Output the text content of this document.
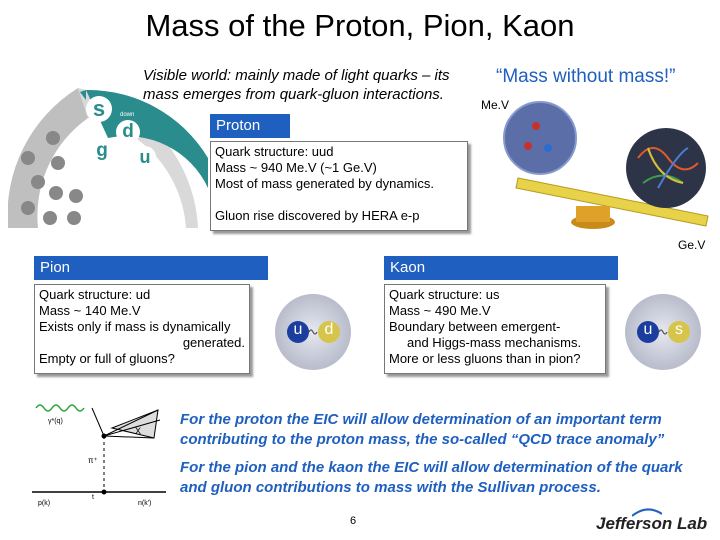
Mass of the Proton, Pion, Kaon
s
strange
d
down
g
gluon
u
up
Visible world: mainly made of light quarks – its mass emerges from quark-gluon interactions.
“Mass without mass!”
Me.V
Ge.V
Proton
Quark structure: uud
Mass ~ 940 Me.V (~1 Ge.V)
Most of mass generated by dynamics.
Gluon rise discovered by HERA e-p
Pion
Quark structure: ud
Mass ~ 140 Me.V
Exists only if mass is dynamically
generated.
Empty or full of gluons?
u d
Kaon
Quark structure: us
Mass ~ 490 Me.V
Boundary between emergent-
and Higgs-mass mechanisms.
More or less gluons than in pion?
u s
γ*(q)
X
π⁺
t
p(k)	n(k')
For the proton the EIC will allow determination of an important term contributing to the proton mass, the so-called “QCD trace anomaly”
For the pion and the kaon the EIC will allow determination of the quark and gluon contributions to mass with the Sullivan process.
6	Jefferson Lab
